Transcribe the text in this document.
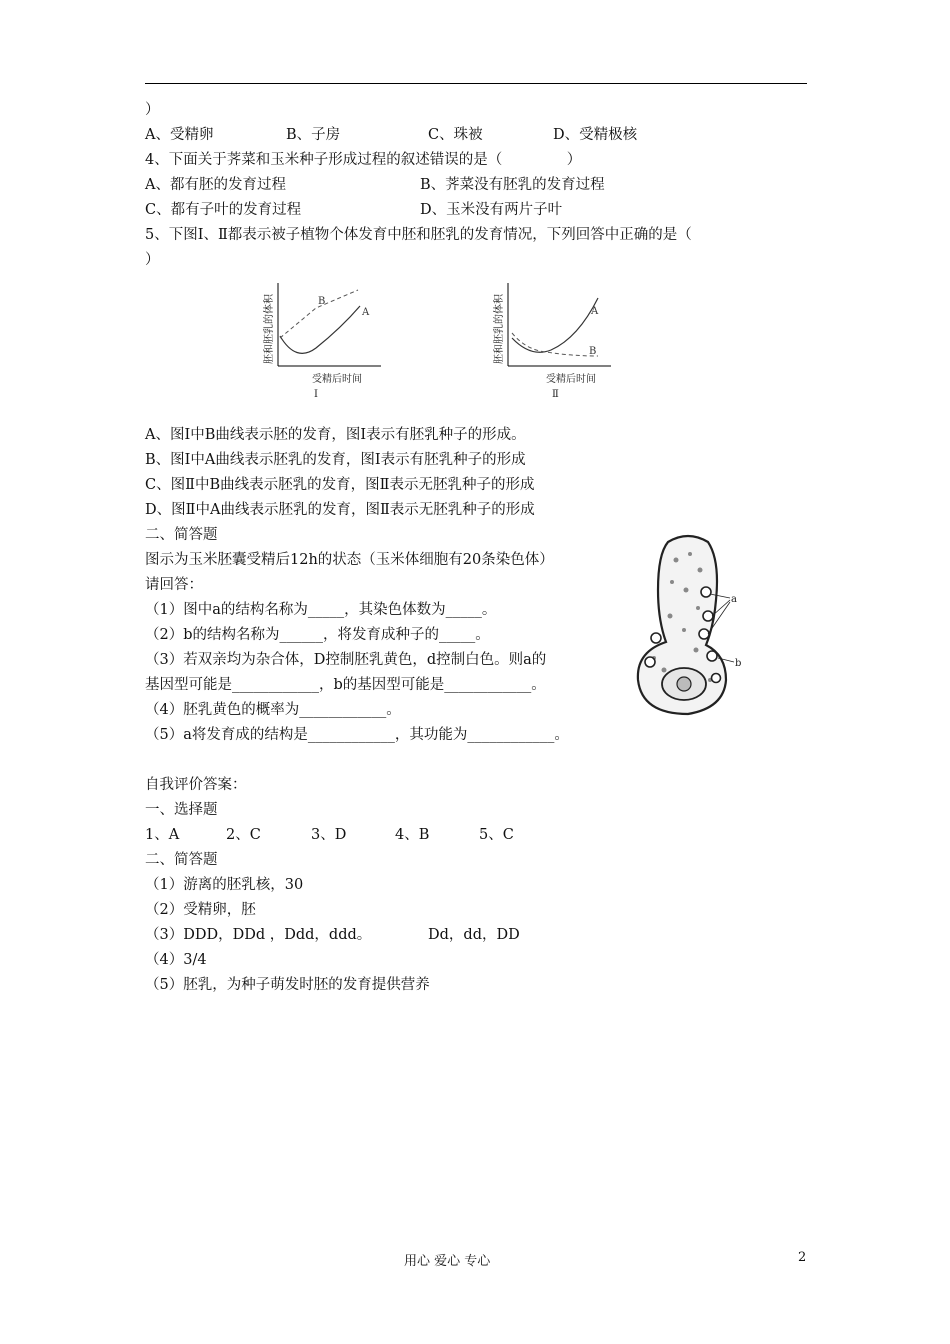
）
A、受精卵	B、子房	C、珠被	D、受精极核
4、下面关于荠菜和玉米种子形成过程的叙述错误的是（              ）
A、都有胚的发育过程	B、荠菜没有胚乳的发育过程
C、都有子叶的发育过程	D、玉米没有两片子叶
5、下图Ⅰ、Ⅱ都表示被子植物个体发育中胚和胚乳的发育情况，下列回答中正确的是（
）
A
B
受精后时间
胚和胚乳的体积
Ⅰ
A
B
受精后时间
胚和胚乳的体积
Ⅱ
A、图Ⅰ中B曲线表示胚的发育，图Ⅰ表示有胚乳种子的形成。
B、图Ⅰ中A曲线表示胚乳的发育，图Ⅰ表示有胚乳种子的形成
C、图Ⅱ中B曲线表示胚乳的发育，图Ⅱ表示无胚乳种子的形成
D、图Ⅱ中A曲线表示胚乳的发育，图Ⅱ表示无胚乳种子的形成
二、简答题
图示为玉米胚囊受精后12h的状态（玉米体细胞有20条染色体）
请回答：
（1）图中a的结构名称为_____，其染色体数为_____。
（2）b的结构名称为______，将发育成种子的_____。
（3）若双亲均为杂合体，D控制胚乳黄色，d控制白色。则a的
基因型可能是____________，b的基因型可能是____________。
（4）胚乳黄色的概率为____________。
（5）a将发育成的结构是____________，其功能为____________。
a
b
自我评价答案：
一、选择题
1、A	2、C	3、D	4、B	5、C
二、简答题
（1）游离的胚乳核，30
（2）受精卵，胚
（3）DDD，DDd ，Ddd，ddd。	Dd，dd，DD
（4）3/4
（5）胚乳，为种子萌发时胚的发育提供营养
用心 爱心 专心	2
